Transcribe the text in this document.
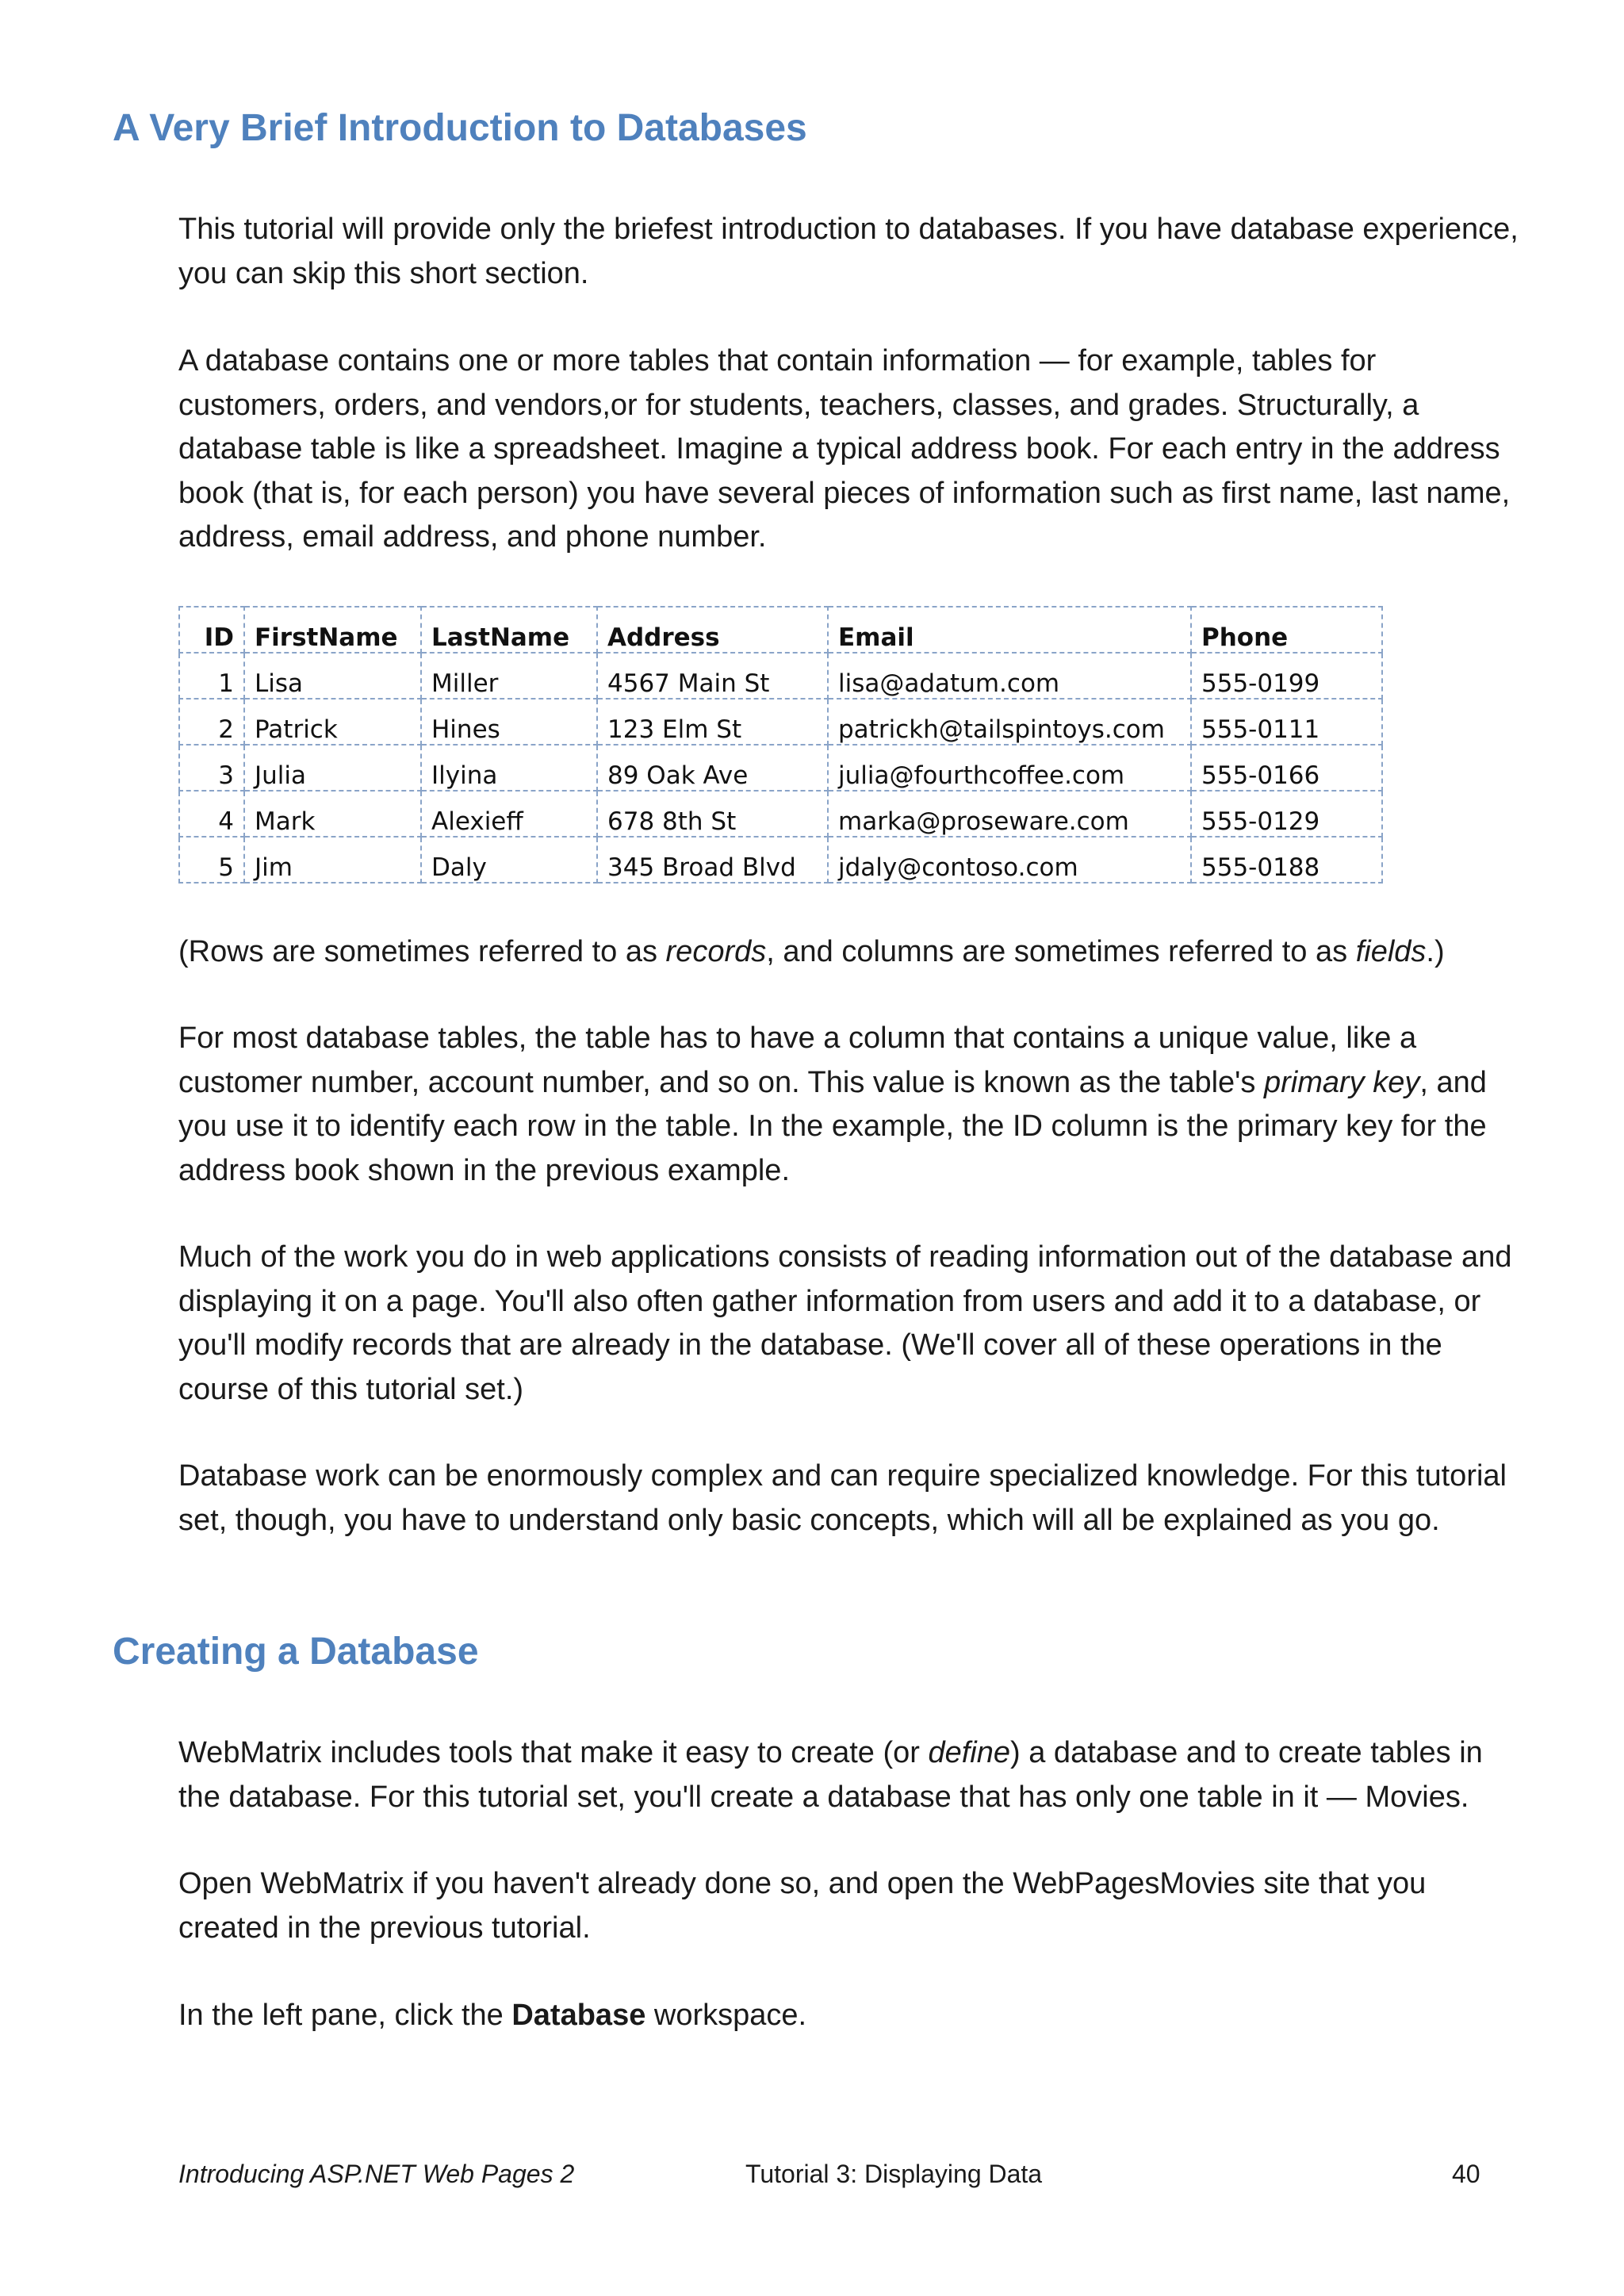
A Very Brief Introduction to Databases

This tutorial will provide only the briefest introduction to databases. If you have database experience, you can skip this short section.

A database contains one or more tables that contain information — for example, tables for customers, orders, and vendors,or for students, teachers, classes, and grades. Structurally, a database table is like a spreadsheet. Imagine a typical address book. For each entry in the address book (that is, for each person) you have several pieces of information such as first name, last name, address, email address, and phone number.

ID	FirstName	LastName	Address	Email	Phone
1	Lisa	Miller	4567 Main St	lisa@adatum.com	555-0199
2	Patrick	Hines	123 Elm St	patrickh@tailspintoys.com	555-0111
3	Julia	Ilyina	89 Oak Ave	julia@fourthcoffee.com	555-0166
4	Mark	Alexieff	678 8th St	marka@proseware.com	555-0129
5	Jim	Daly	345 Broad Blvd	jdaly@contoso.com	555-0188

(Rows are sometimes referred to as records, and columns are sometimes referred to as fields.)

For most database tables, the table has to have a column that contains a unique value, like a customer number, account number, and so on. This value is known as the table's primary key, and you use it to identify each row in the table. In the example, the ID column is the primary key for the address book shown in the previous example.

Much of the work you do in web applications consists of reading information out of the database and displaying it on a page. You'll also often gather information from users and add it to a database, or you'll modify records that are already in the database. (We'll cover all of these operations in the course of this tutorial set.)

Database work can be enormously complex and can require specialized knowledge. For this tutorial set, though, you have to understand only basic concepts, which will all be explained as you go.

Creating a Database

WebMatrix includes tools that make it easy to create (or define) a database and to create tables in the database. For this tutorial set, you'll create a database that has only one table in it — Movies.

Open WebMatrix if you haven't already done so, and open the WebPagesMovies site that you created in the previous tutorial.

In the left pane, click the Database workspace.

Introducing ASP.NET Web Pages 2	Tutorial 3: Displaying Data	40
